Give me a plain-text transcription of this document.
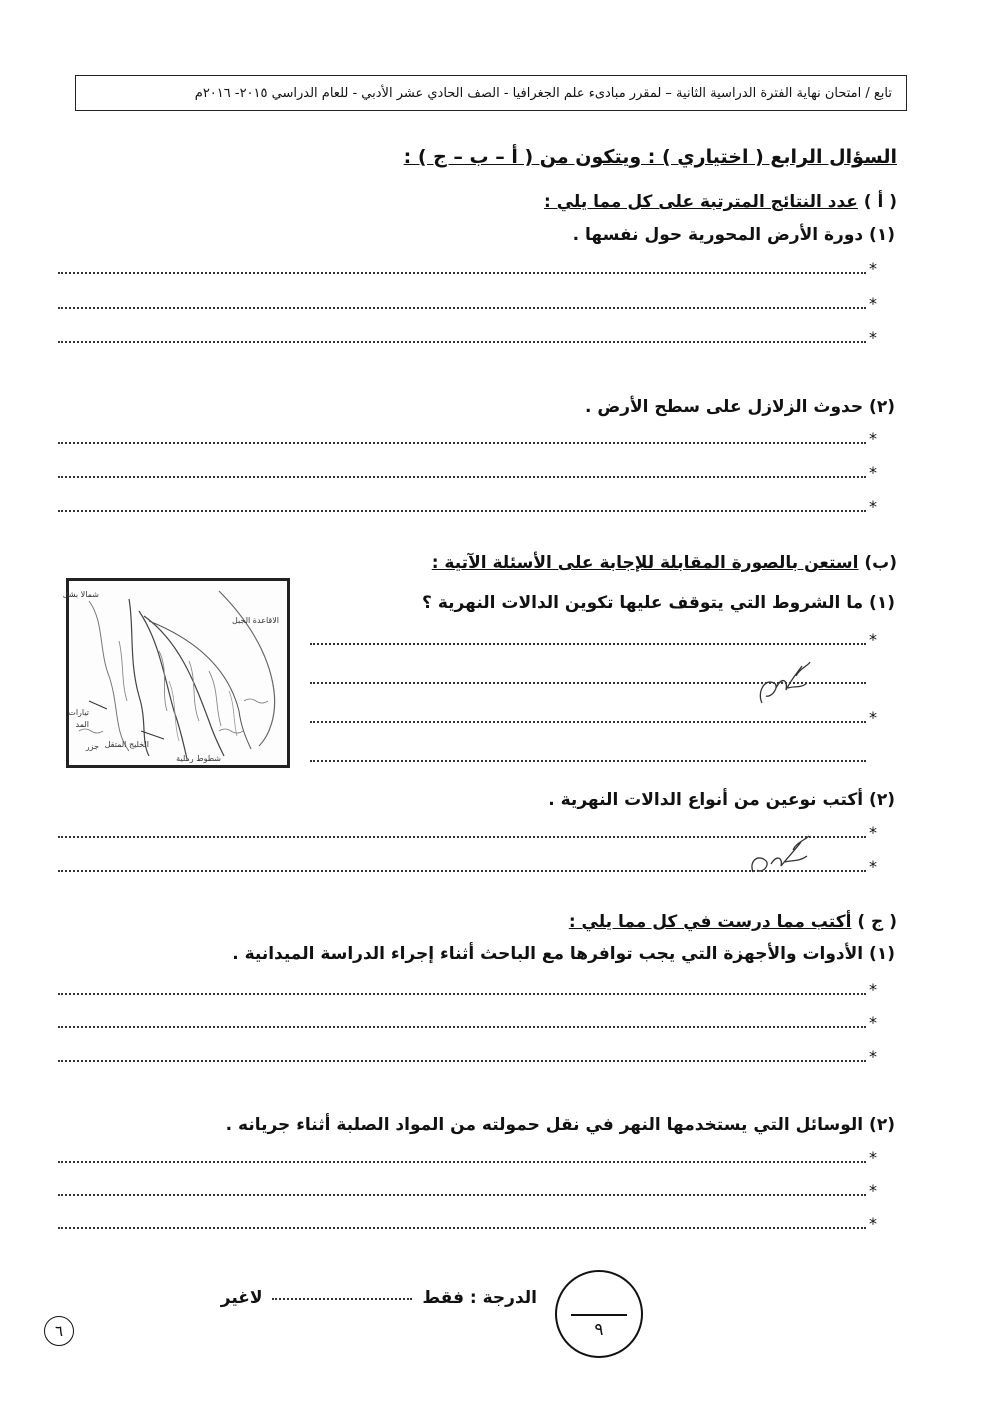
تابع / امتحان نهاية الفترة الدراسية الثانية – لمقرر مبادىء علم الجغرافيا - الصف الحادي عشر الأدبي - للعام الدراسي ٢٠١٥- ٢٠١٦م
السؤال الرابع ( اختياري ) : ويتكون من ( أ – ب – ج ) :
( أ ) عدد النتائج المترتبة على كل مما يلي :
(١) دورة الأرض المحورية حول نفسها .
*
*
*
(٢) حدوث الزلازل على سطح الأرض .
*
*
*
(ب) استعن بالصورة المقابلة للإجابة على الأسئلة الآتية :
شمالا بشل
الاقاعدة الجبل
تيارات
المد
جزر الخليج المتقل
شطوط رملية
(١) ما الشروط التي يتوقف عليها تكوين الدالات النهرية ؟
*
*
(٢) أكتب نوعين من أنواع الدالات النهرية .
*
*
( ج ) أكتب مما درست في كل مما يلي :
(١) الأدوات والأجهزة التي يجب توافرها مع الباحث أثناء إجراء الدراسة الميدانية .
*
*
*
(٢) الوسائل التي يستخدمها النهر في نقل حمولته من المواد الصلبة أثناء جريانه .
*
*
*
الدرجة : فقط  لاغير
٩
٦
